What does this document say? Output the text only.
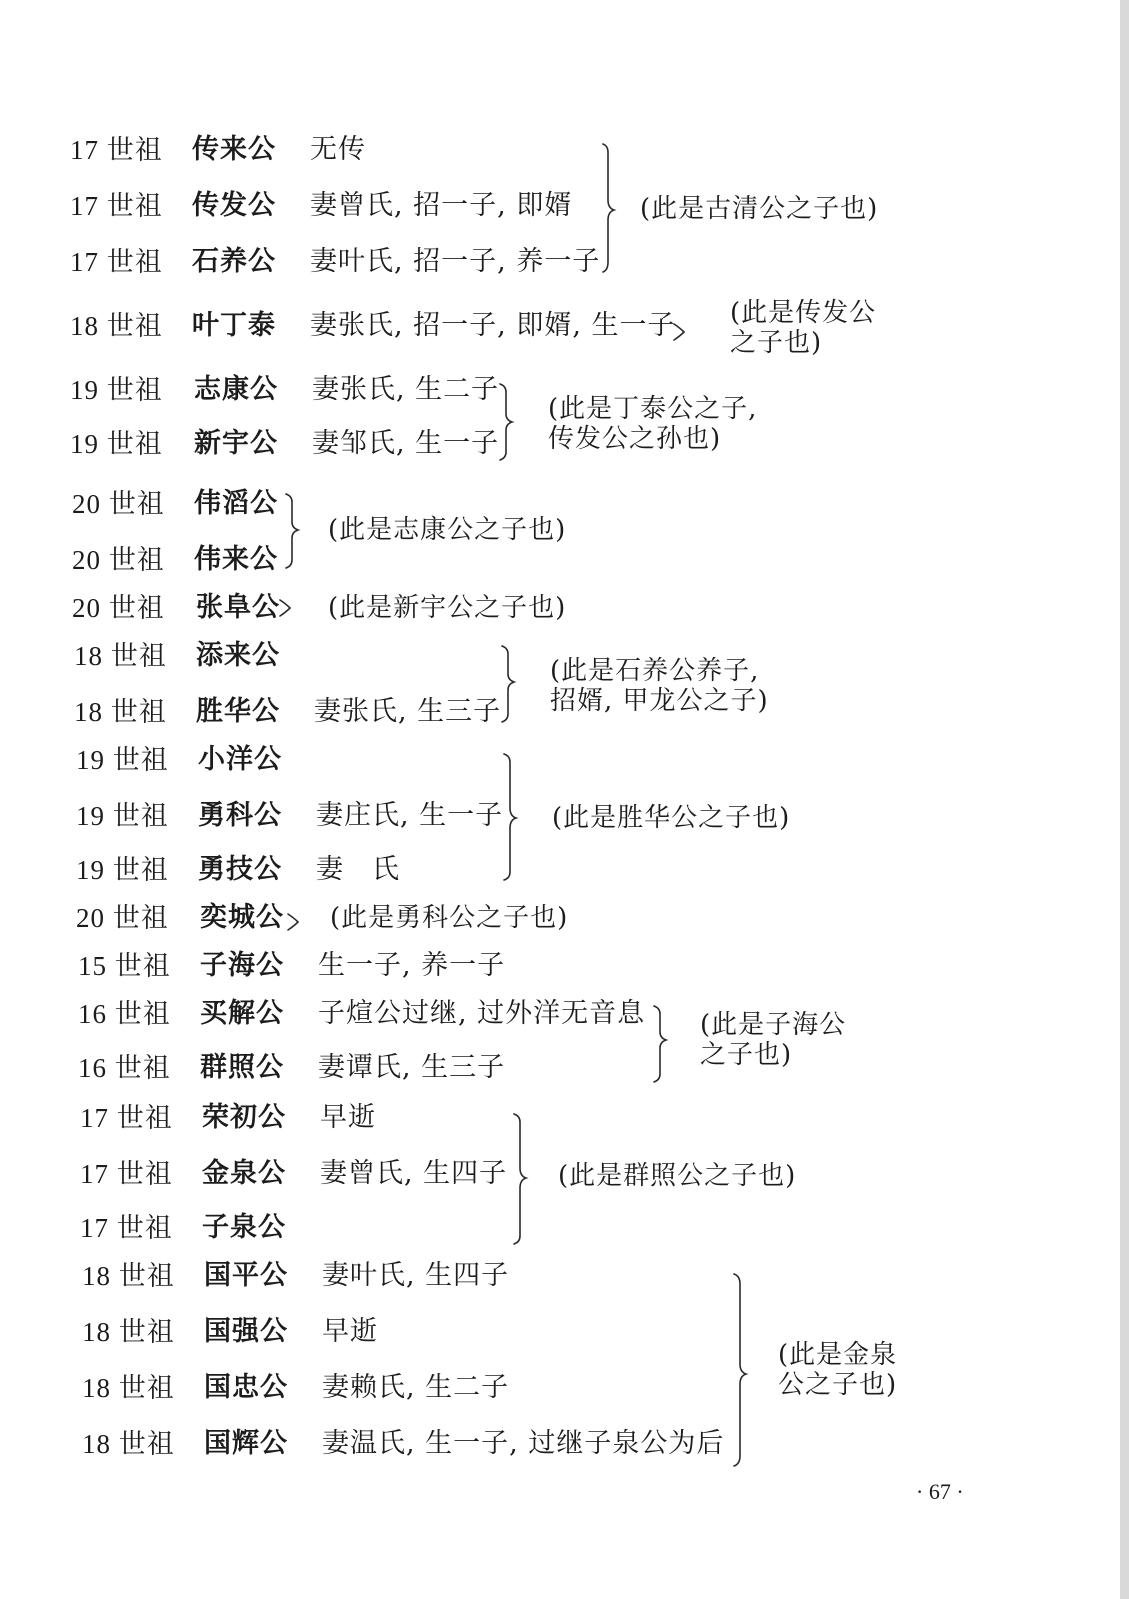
17 世祖 传来公 无传
17 世祖 传发公 妻曾氏, 招一子, 即婿
17 世祖 石养公 妻叶氏, 招一子, 养一子
18 世祖 叶丁泰 妻张氏, 招一子, 即婿, 生一子
19 世祖 志康公 妻张氏, 生二子
19 世祖 新宇公 妻邹氏, 生一子
20 世祖 伟滔公
20 世祖 伟来公
20 世祖 张阜公
18 世祖 添来公
18 世祖 胜华公 妻张氏, 生三子
19 世祖 小洋公
19 世祖 勇科公 妻庄氏, 生一子
19 世祖 勇技公 妻　氏
20 世祖 奕城公
15 世祖 子海公 生一子, 养一子
16 世祖 买解公 子煊公过继, 过外洋无音息
16 世祖 群照公 妻谭氏, 生三子
17 世祖 荣初公 早逝
17 世祖 金泉公 妻曾氏, 生四子
17 世祖 子泉公
18 世祖 国平公 妻叶氏, 生四子
18 世祖 国强公 早逝
18 世祖 国忠公 妻赖氏, 生二子
18 世祖 国辉公 妻温氏, 生一子, 过继子泉公为后
(此是古清公之子也)
(此是传发公
之子也)
(此是丁泰公之子,
传发公之孙也)
(此是志康公之子也)
(此是新宇公之子也)
(此是石养公养子,
招婿, 甲龙公之子)
(此是胜华公之子也)
(此是勇科公之子也)
(此是子海公
之子也)
(此是群照公之子也)
(此是金泉
公之子也)
· 67 ·
